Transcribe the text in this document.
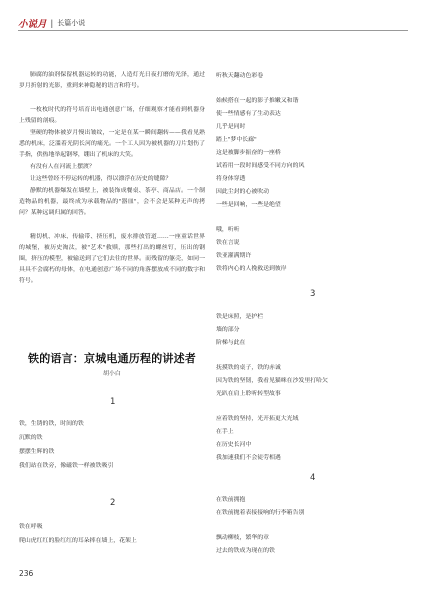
小说月 | 长篇小说

肺腐的油剂保留机器运转的功能，人造灯光日夜打磨的光泽，通过岁月折射的光影，重到来神隐秘的语言和符号。

一枚枚时代的符号培育出电通创意广场，仔细观察才能看到机器身上残留的剖痕。

坚硬的物体被岁月慢出皱纹，一定是在某一瞬间翻转——我看见熟悉的机床，泛滥着光阴长河的痛光。一个工人因为被机器的刀片划伤了手指，供热地举起钢琴，绷出了机床的大笑。

有没有人在河流上摆渡？

让这些曾经不停运转的机器，得以漂浮在历史的缝隙？

静默的机器爆发在墙壁上，被装饰成餐桌、茶亭、商品店。一个制造物品的机器，最终成为承载物品的"器皿"，会不会是某种无声的拷问？某种远调归属的回答。

精切机、冲床、传输带、挤压机，废水排放管道……一座童话世界的城堡，被历史淘汰，被"艺术"救赎，那些打出的螺丝钉，压出的钢圈，挤压的模型，被输送到了它们去往的世界。而残留的躯壳，如同一具具不会腐朽的母体，在电通创意广场不同的角落摆放成不同的数字和符号。

铁的语言：京城电通历程的讲述者
胡小白
1
铁，生锈的铁，时间的铁
沉默的铁
摆摆生辉的铁
我们站在铁旁，像磁铁一样被铁吸引
2
铁在呼吸
爬山虎红红的脸红红的耳朵摔在墙上，花架上
236
听秋天翻动色彩卷
始候搭在一起的影子推嫩又和谐
使一些情感有了生动表达
几乎是同时
踏上"梦中长廊"
这是被脚步振奋的一座桥
试着用一段时间感受不同方向的风
将身体穿透
因此尘封的心被吹动
一些是回响，一些是绝望
哦，听听
铁在言说
铁亚灌满期许
铁将内心的人挽救送到彼岸
3
铁是床照，是护栏
墙的部分
阶梯与此在
抚摸铁的桌子，铁的赤诚
因为铁的坚韧，我看见猫咪在沙发里打哈欠
光趴在肩上聆听转型故事
应着铁的坚持，光开拓更大光域
在手上
在历史长河中
我加速我们不会徒劳相遇
4
在铁前拥抱
在铁前抛着表接接响的行李箱告别
飘动柳枝，繁华的章
过去的铁成为现在的铁
